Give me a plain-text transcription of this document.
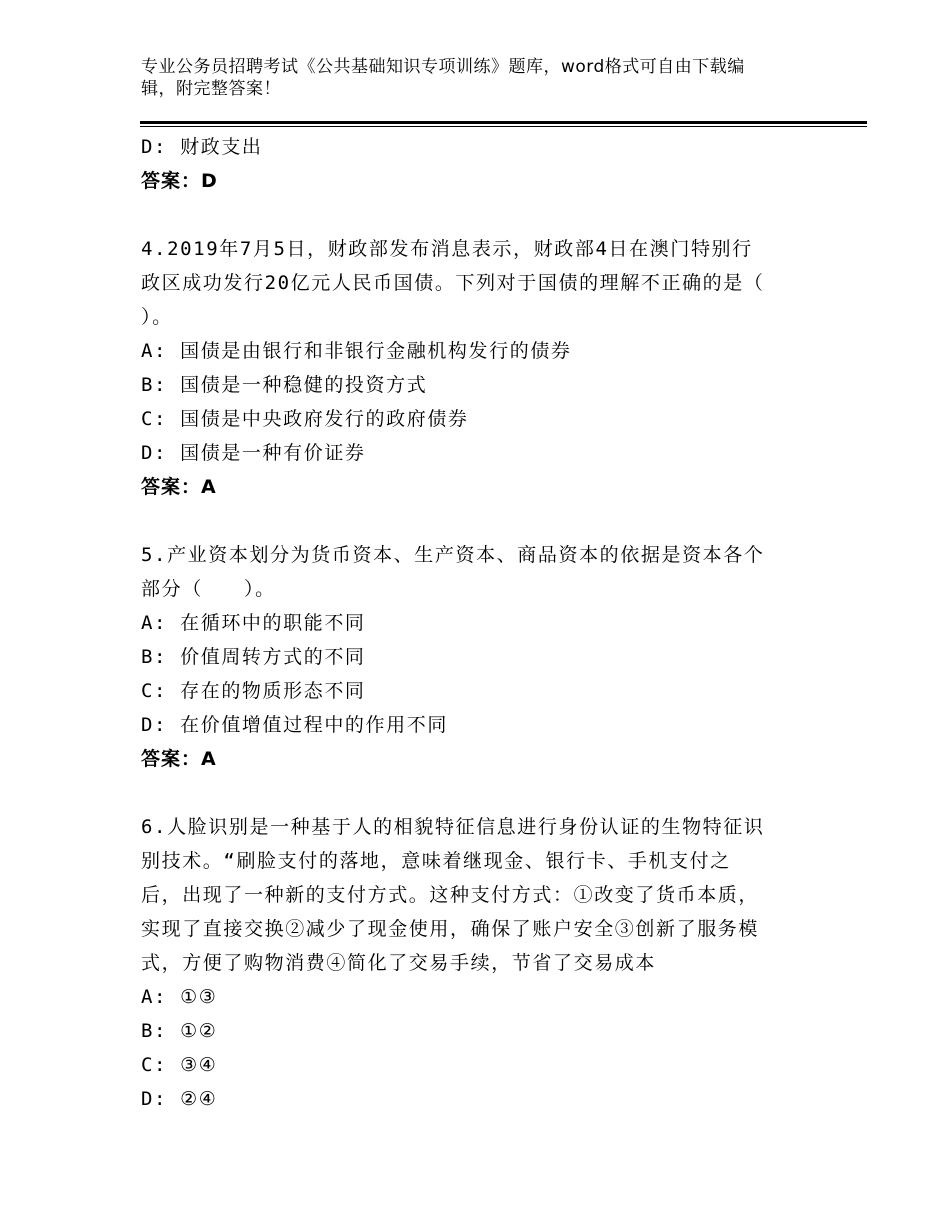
专业公务员招聘考试《公共基础知识专项训练》题库，word格式可自由下载编
辑，附完整答案！
D: 财政支出
答案：D
4.2019年7月5日，财政部发布消息表示，财政部4日在澳门特别行
政区成功发行20亿元人民币国债。下列对于国债的理解不正确的是（
）。
A: 国债是由银行和非银行金融机构发行的债券
B: 国债是一种稳健的投资方式
C: 国债是中央政府发行的政府债券
D: 国债是一种有价证券
答案：A
5.产业资本划分为货币资本、生产资本、商品资本的依据是资本各个
部分（　　）。
A: 在循环中的职能不同
B: 价值周转方式的不同
C: 存在的物质形态不同
D: 在价值增值过程中的作用不同
答案：A
6.人脸识别是一种基于人的相貌特征信息进行身份认证的生物特征识
别技术。“刷脸支付的落地，意味着继现金、银行卡、手机支付之
后，出现了一种新的支付方式。这种支付方式：①改变了货币本质，
实现了直接交换②减少了现金使用，确保了账户安全③创新了服务模
式，方便了购物消费④简化了交易手续，节省了交易成本
A: ①③
B: ①②
C: ③④
D: ②④
